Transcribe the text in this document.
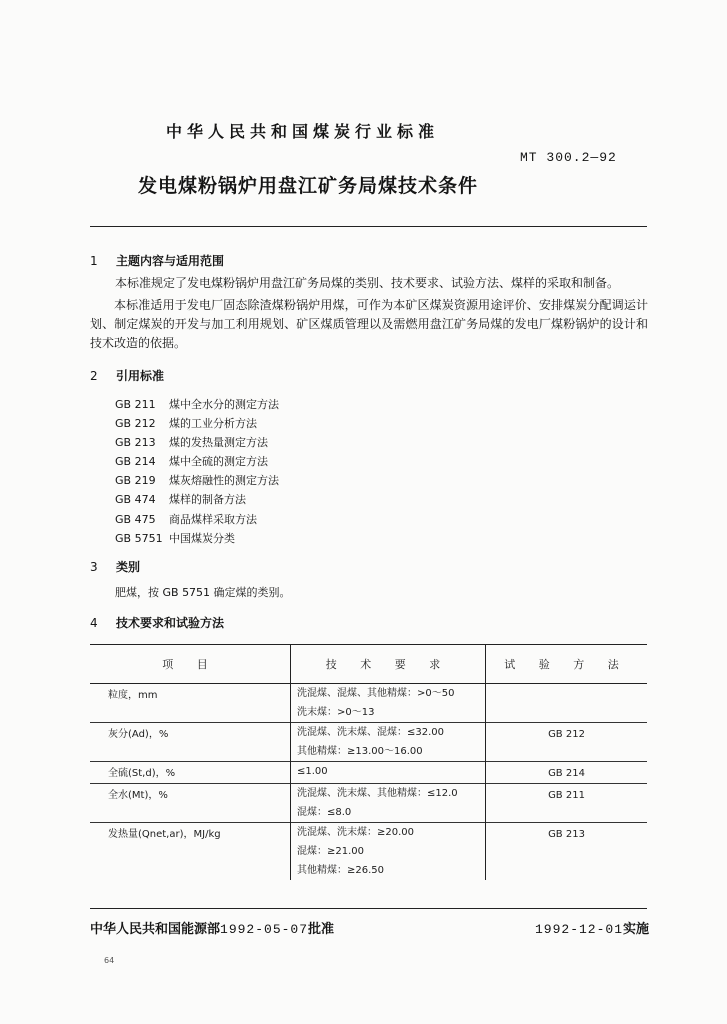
中华人民共和国煤炭行业标准
MT 300.2—92
发电煤粉锅炉用盘江矿务局煤技术条件
1 主题内容与适用范围
本标准规定了发电煤粉锅炉用盘江矿务局煤的类别、技术要求、试验方法、煤样的采取和制备。
本标准适用于发电厂固态除渣煤粉锅炉用煤，可作为本矿区煤炭资源用途评价、安排煤炭分配调运计划、制定煤炭的开发与加工利用规划、矿区煤质管理以及需燃用盘江矿务局煤的发电厂煤粉锅炉的设计和技术改造的依据。
2 引用标准
GB 211 煤中全水分的测定方法
GB 212 煤的工业分析方法
GB 213 煤的发热量测定方法
GB 214 煤中全硫的测定方法
GB 219 煤灰熔融性的测定方法
GB 474 煤样的制备方法
GB 475 商品煤样采取方法
GB 5751 中国煤炭分类
3 类别
肥煤，按 GB 5751 确定煤的类别。
4 技术要求和试验方法
项 目	技 术 要 求	试 验 方 法

粒度，mm	洗混煤、混煤、其他精煤：>0～50
洗末煤：>0～13	

灰分(Ad)，%	洗混煤、洗末煤、混煤：≤32.00
其他精煤：≥13.00～16.00	GB 212

全硫(St,d)，%	≤1.00	GB 214

全水(Mt)，%	洗混煤、洗末煤、其他精煤：≤12.0
混煤：≤8.0	GB 211

发热量(Qnet,ar)，MJ/kg	洗混煤、洗末煤：≥20.00
混煤：≥21.00
其他精煤：≥26.50	GB 213
中华人民共和国能源部1992-05-07批准	1992-12-01实施
64
